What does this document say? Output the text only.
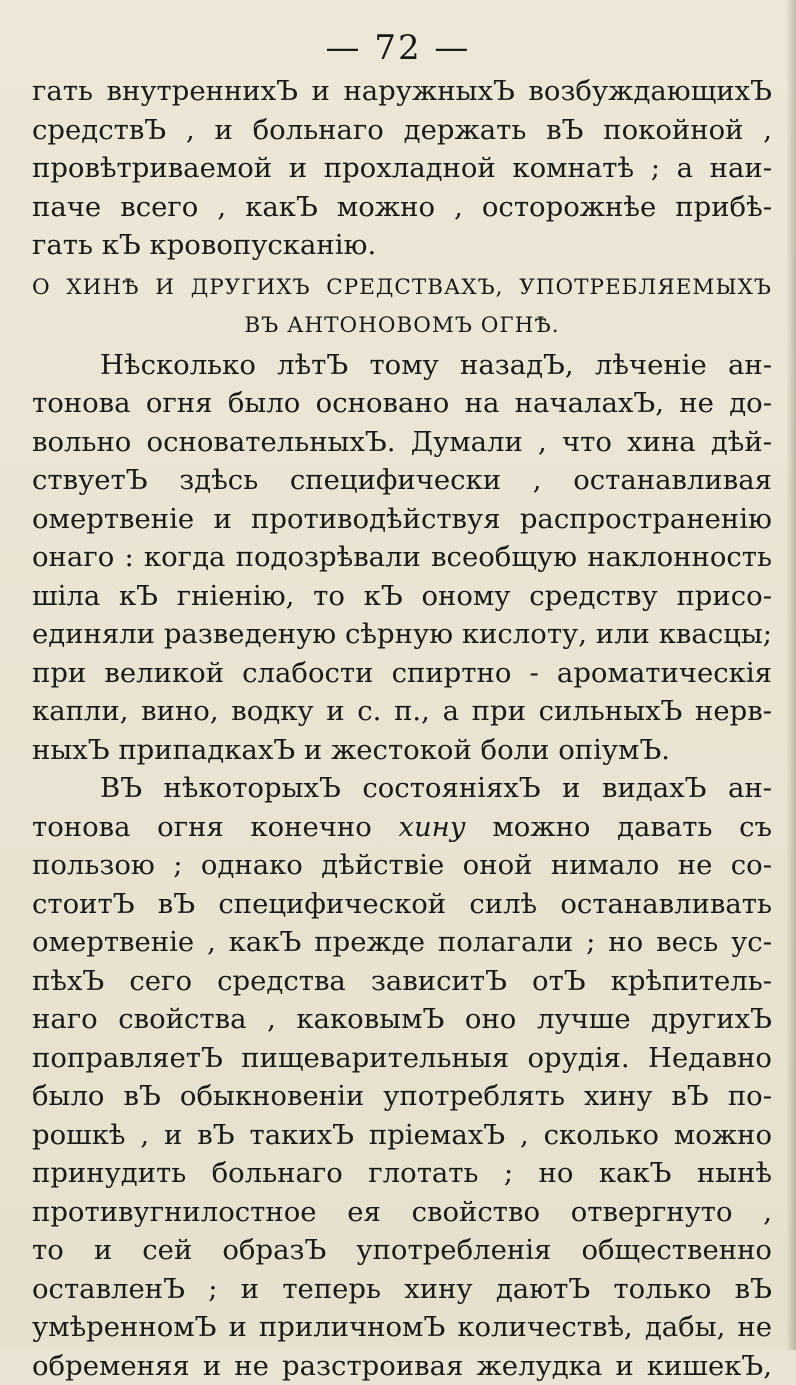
— 72 —
гать внутреннихЪ и наружныхЪ возбуждающихЪ
средствЪ , и больнаго держать вЪ покойной ,
провѣтриваемой и прохладной комнатѣ ; а наи-
паче всего , какЪ можно , осторожнѣе прибѣ-
гать кЪ кровопусканію.
О ХИНѢ И ДРУГИХЪ СРЕДСТВАХЪ, УПОТРЕБЛЯЕМЫХЪ
ВЪ АНТОНОВОМЪ ОГНѢ.
Нѣсколько лѣтЪ тому назадЪ, лѣченіе ан-
тонова огня было основано на началахЪ, не до-
вольно основательныхЪ. Думали , что хина дѣй-
ствуетЪ здѣсь специфически , останавливая
омертвеніе и противодѣйствуя распространенію
онаго : когда подозрѣвали всеобщую наклонность
шіла кЪ гніенію, то кЪ оному средству присо-
единяли разведеную сѣрную кислоту, или квасцы;
при великой слабости спиртно - ароматическія
капли, вино, водку и с. п., а при сильныхЪ нерв-
ныхЪ припадкахЪ и жестокой боли опіумЪ.
ВЪ нѣкоторыхЪ состояніяхЪ и видахЪ ан-
тонова огня конечно хину можно давать съ
пользою ; однако дѣйствіе оной нимало не со-
стоитЪ вЪ специфической силѣ останавливать
омертвеніе , какЪ прежде полагали ; но весь ус-
пѣхЪ сего средства зависитЪ отЪ крѣпитель-
наго свойства , каковымЪ оно лучше другихЪ
поправляетЪ пищеварительныя орудія. Недавно
было вЪ обыкновеніи употреблять хину вЪ по-
рошкѣ , и вЪ такихЪ пріемахЪ , сколько можно
принудить больнаго глотать ; но какЪ нынѣ
противугнилостное ея свойство отвергнуто ,
то и сей образЪ употребленія общественно
оставленЪ ; и теперь хину даютЪ только вЪ
умѣренномЪ и приличномЪ количествѣ, дабы, не
обременяя и не разстроивая желудка и кишекЪ,
